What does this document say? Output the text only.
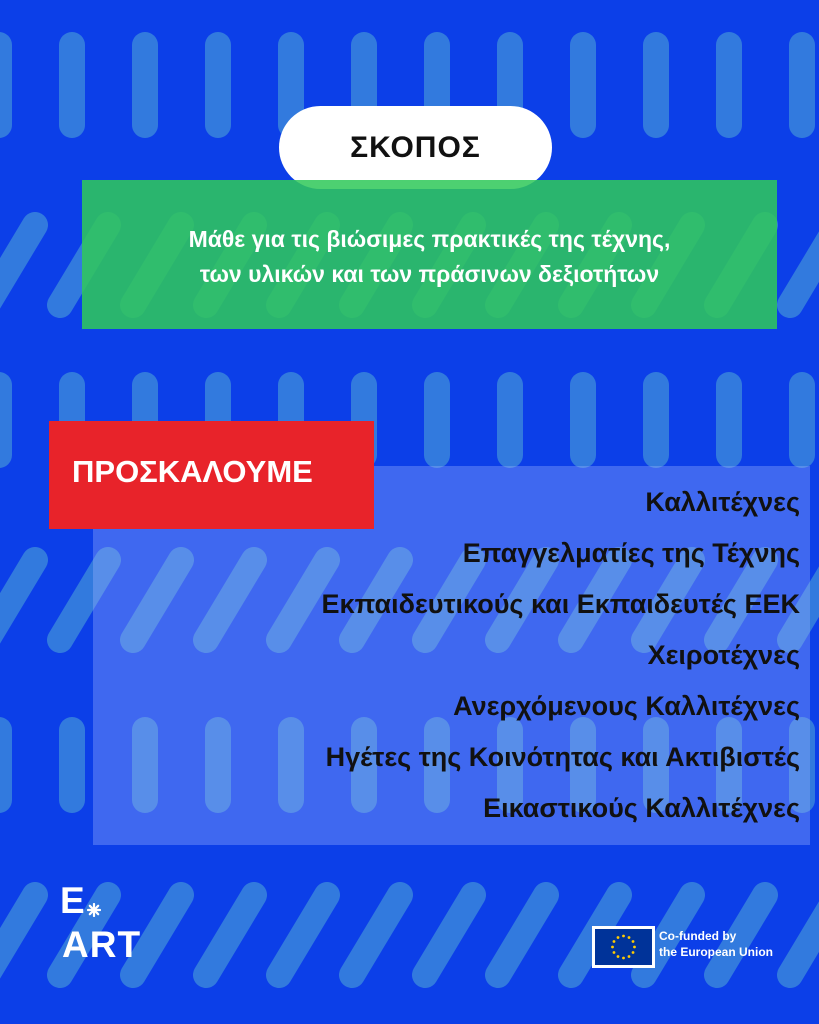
ΣΚΟΠΟΣ
Μάθε για τις βιώσιμες πρακτικές της τέχνης,
των υλικών και των πράσινων δεξιοτήτων
ΠΡΟΣΚΑΛΟΥΜΕ
Καλλιτέχνες
Επαγγελματίες της Τέχνης
Εκπαιδευτικούς και Εκπαιδευτές ΕΕΚ
Χειροτέχνες
Ανερχόμενους Καλλιτέχνες
Ηγέτες της Κοινότητας και Ακτιβιστές
Εικαστικούς Καλλιτέχνες
E
ART	Co-funded by
the European Union
